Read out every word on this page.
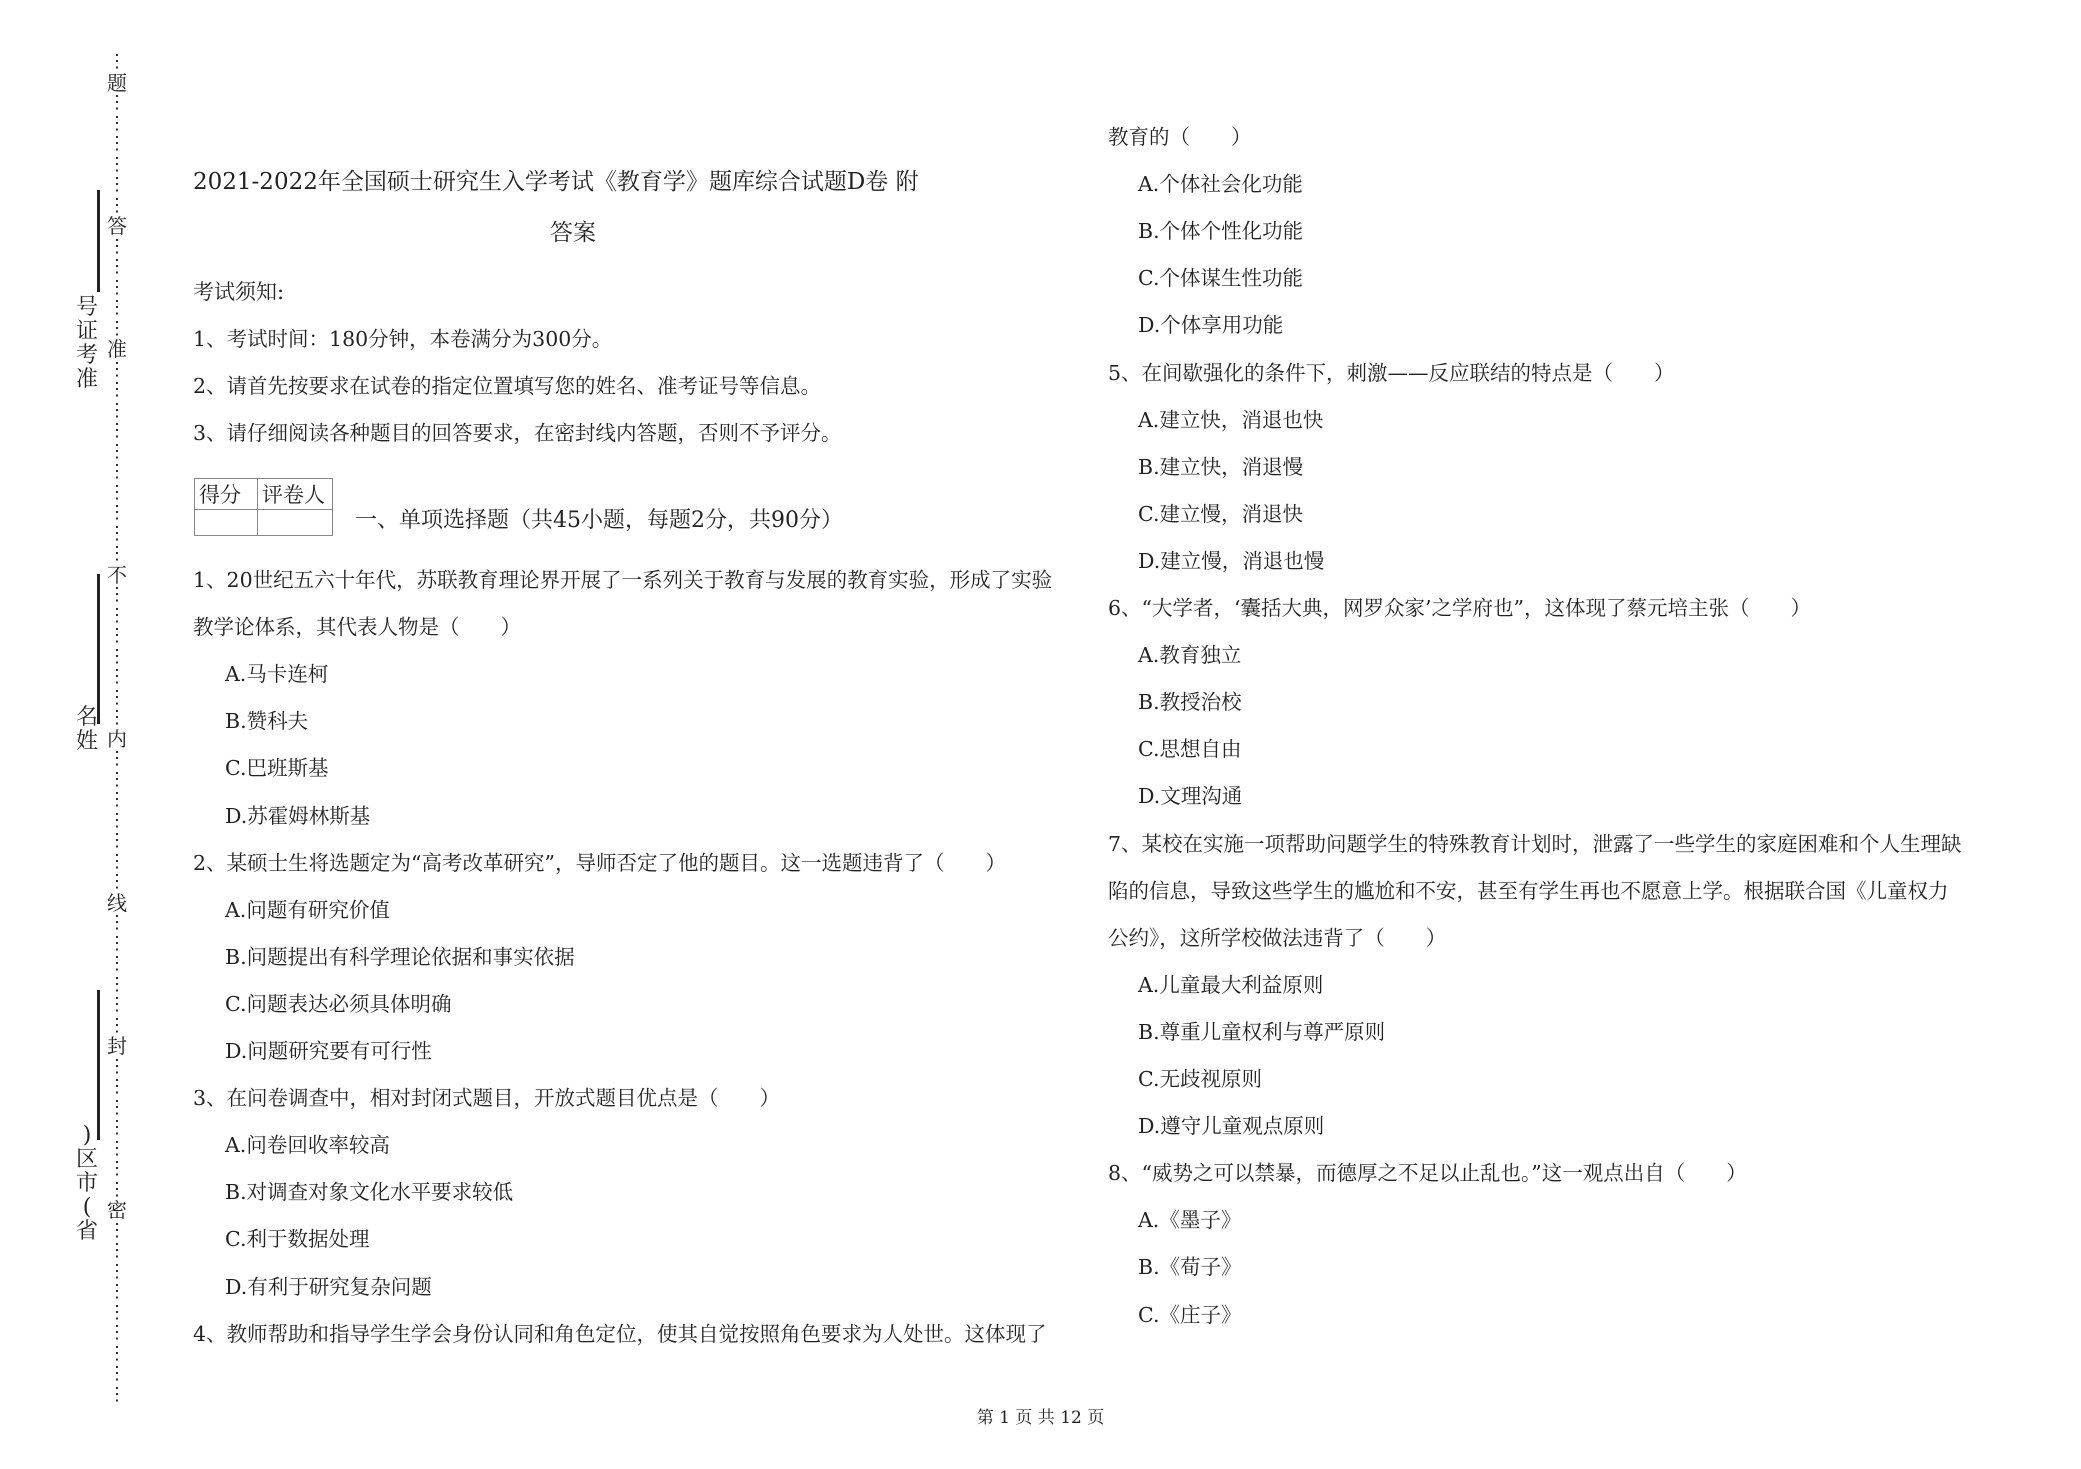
⋮
题
⋮
⋮
⋮
⋮
⋮
⋮
答
⋮
⋮
⋮
⋮
⋮
准
⋮
⋮
⋮
⋮
⋮
⋮
⋮
⋮
⋮
⋮
不
⋮
⋮
⋮
⋮
⋮
⋮
⋮
内
⋮
⋮
⋮
⋮
⋮
⋮
⋮
线
⋮
⋮
⋮
⋮
⋮
⋮
封
⋮
⋮
⋮
⋮
⋮
⋮
⋮
密
⋮
⋮
⋮
⋮
⋮
⋮
⋮
⋮
⋮
号
证
考
准
名
姓
)
区
市
(
省
2021-2022年全国硕士研究生入学考试《教育学》题库综合试题D卷 附
答案
考试须知:
1、考试时间：180分钟，本卷满分为300分。
2、请首先按要求在试卷的指定位置填写您的姓名、准考证号等信息。
3、请仔细阅读各种题目的回答要求，在密封线内答题，否则不予评分。
得分	评卷人

一、单项选择题（共45小题，每题2分，共90分）
1、20世纪五六十年代，苏联教育理论界开展了一系列关于教育与发展的教育实验，形成了实验
教学论体系，其代表人物是（　　）
A.马卡连柯
B.赞科夫
C.巴班斯基
D.苏霍姆林斯基
2、某硕士生将选题定为“高考改革研究”，导师否定了他的题目。这一选题违背了（　　）
A.问题有研究价值
B.问题提出有科学理论依据和事实依据
C.问题表达必须具体明确
D.问题研究要有可行性
3、在问卷调查中，相对封闭式题目，开放式题目优点是（　　）
A.问卷回收率较高
B.对调查对象文化水平要求较低
C.利于数据处理
D.有利于研究复杂问题
4、教师帮助和指导学生学会身份认同和角色定位，使其自觉按照角色要求为人处世。这体现了
教育的（　　）
A.个体社会化功能
B.个体个性化功能
C.个体谋生性功能
D.个体享用功能
5、在间歇强化的条件下，刺激——反应联结的特点是（　　）
A.建立快，消退也快
B.建立快，消退慢
C.建立慢，消退快
D.建立慢，消退也慢
6、“大学者，‘囊括大典，网罗众家’之学府也”，这体现了蔡元培主张（　　）
A.教育独立
B.教授治校
C.思想自由
D.文理沟通
7、某校在实施一项帮助问题学生的特殊教育计划时，泄露了一些学生的家庭困难和个人生理缺
陷的信息，导致这些学生的尴尬和不安，甚至有学生再也不愿意上学。根据联合国《儿童权力
公约》，这所学校做法违背了（　　）
A.儿童最大利益原则
B.尊重儿童权利与尊严原则
C.无歧视原则
D.遵守儿童观点原则
8、“威势之可以禁暴，而德厚之不足以止乱也。”这一观点出自（　　）
A.《墨子》
B.《荀子》
C.《庄子》
第 1 页 共 12 页
